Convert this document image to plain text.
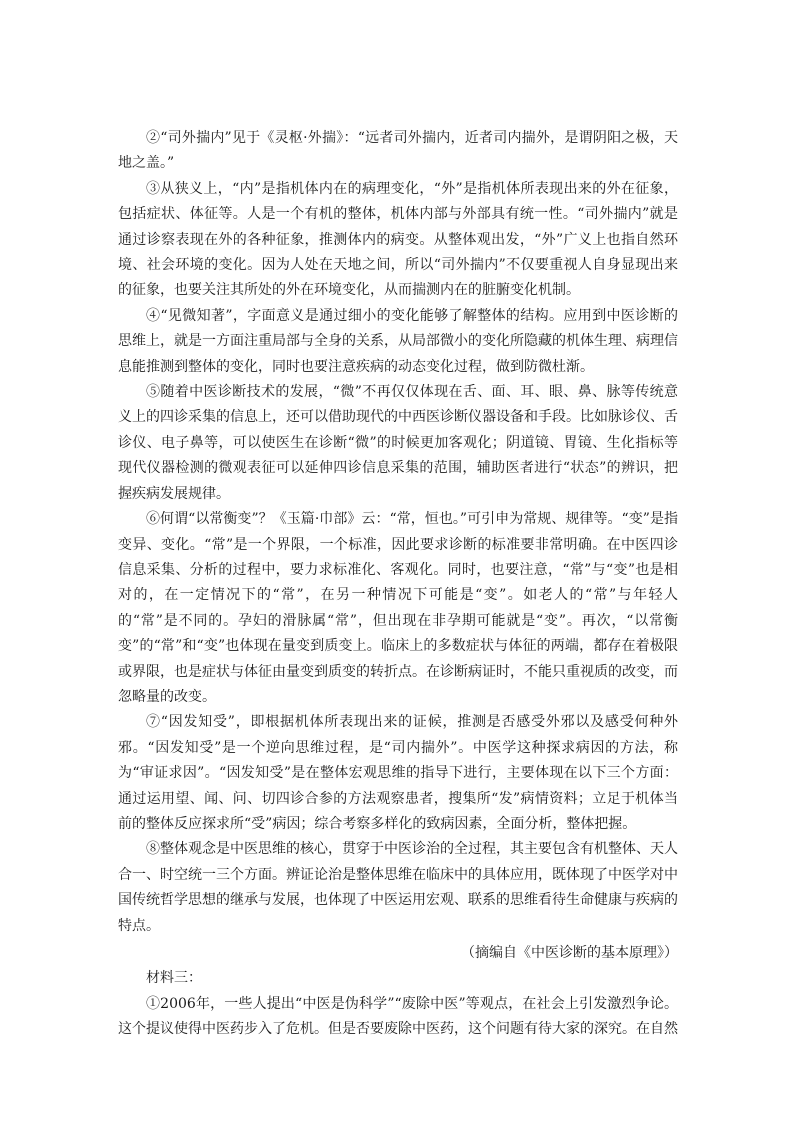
②“司外揣内”见于《灵枢·外揣》：“远者司外揣内，近者司内揣外，是谓阴阳之极，天地之盖。”

③从狭义上，“内”是指机体内在的病理变化，“外”是指机体所表现出来的外在征象，包括症状、体征等。人是一个有机的整体，机体内部与外部具有统一性。“司外揣内”就是通过诊察表现在外的各种征象，推测体内的病变。从整体观出发，“外”广义上也指自然环境、社会环境的变化。因为人处在天地之间，所以“司外揣内”不仅要重视人自身显现出来的征象，也要关注其所处的外在环境变化，从而揣测内在的脏腑变化机制。

④“见微知著”，字面意义是通过细小的变化能够了解整体的结构。应用到中医诊断的思维上，就是一方面注重局部与全身的关系，从局部微小的变化所隐藏的机体生理、病理信息能推测到整体的变化，同时也要注意疾病的动态变化过程，做到防微杜渐。

⑤随着中医诊断技术的发展，“微”不再仅仅体现在舌、面、耳、眼、鼻、脉等传统意义上的四诊采集的信息上，还可以借助现代的中西医诊断仪器设备和手段。比如脉诊仪、舌诊仪、电子鼻等，可以使医生在诊断“微”的时候更加客观化；阴道镜、胃镜、生化指标等现代仪器检测的微观表征可以延伸四诊信息采集的范围，辅助医者进行“状态”的辨识，把握疾病发展规律。

⑥何谓“以常衡变”？《玉篇·巾部》云：“常，恒也。”可引申为常规、规律等。“变”是指变异、变化。“常”是一个界限，一个标准，因此要求诊断的标准要非常明确。在中医四诊信息采集、分析的过程中，要力求标准化、客观化。同时，也要注意，“常”与“变”也是相对的，在一定情况下的“常”，在另一种情况下可能是“变”。如老人的“常”与年轻人的“常”是不同的。孕妇的滑脉属“常”，但出现在非孕期可能就是“变”。再次，“以常衡变”的“常”和“变”也体现在量变到质变上。临床上的多数症状与体征的两端，都存在着极限或界限，也是症状与体征由量变到质变的转折点。在诊断病证时，不能只重视质的改变，而忽略量的改变。

⑦“因发知受”，即根据机体所表现出来的证候，推测是否感受外邪以及感受何种外邪。“因发知受”是一个逆向思维过程，是“司内揣外”。中医学这种探求病因的方法，称为“审证求因”。“因发知受”是在整体宏观思维的指导下进行，主要体现在以下三个方面：通过运用望、闻、问、切四诊合参的方法观察患者，搜集所“发”病情资料；立足于机体当前的整体反应探求所“受”病因；综合考察多样化的致病因素，全面分析，整体把握。

⑧整体观念是中医思维的核心，贯穿于中医诊治的全过程，其主要包含有机整体、天人合一、时空统一三个方面。辨证论治是整体思维在临床中的具体应用，既体现了中医学对中国传统哲学思想的继承与发展，也体现了中医运用宏观、联系的思维看待生命健康与疾病的特点。

（摘编自《中医诊断的基本原理》）

材料三：

①2006年，一些人提出“中医是伪科学”“废除中医”等观点，在社会上引发激烈争论。这个提议使得中医药步入了危机。但是否要废除中医药，这个问题有待大家的深究。在自然
